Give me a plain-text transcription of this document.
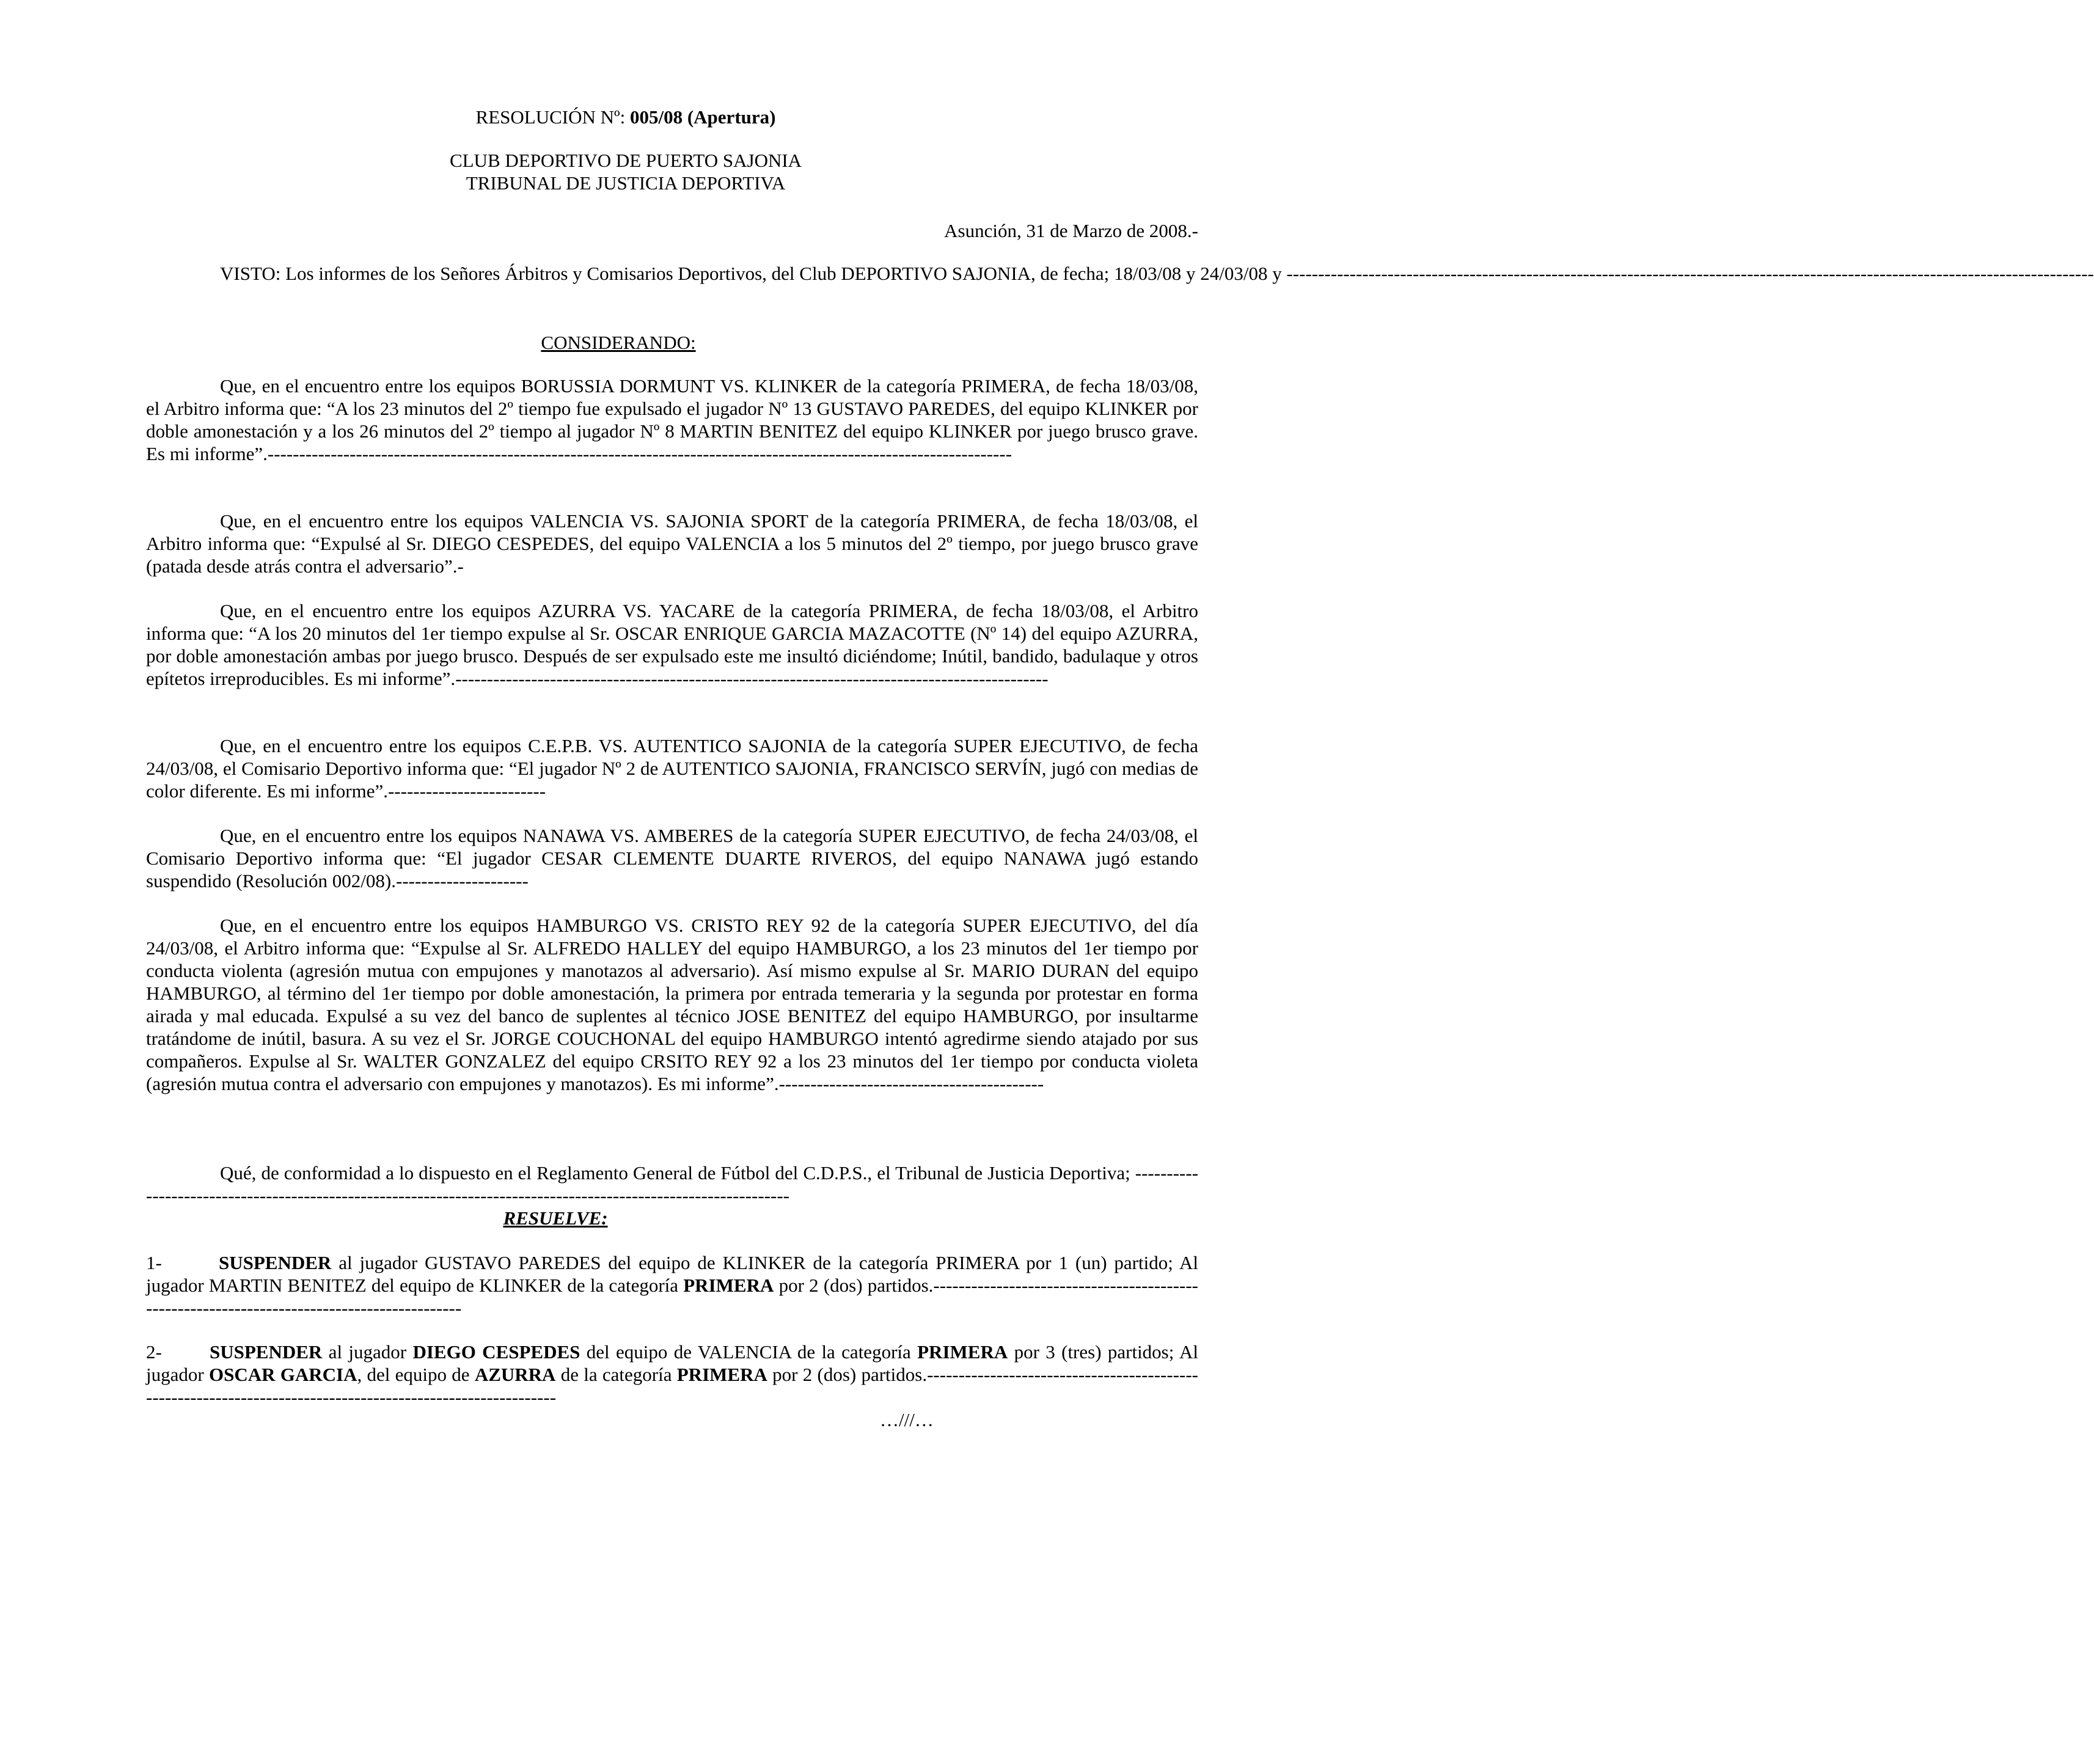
RESOLUCIÓN Nº: 005/08 (Apertura)
CLUB DEPORTIVO DE PUERTO SAJONIA
TRIBUNAL DE JUSTICIA DEPORTIVA
Asunción, 31 de Marzo de 2008.-

VISTO: Los informes de los Señores Árbitros y Comisarios Deportivos, del Club DEPORTIVO SAJONIA, de fecha; 18/03/08 y 24/03/08 y --------------------------------------------------------------------------------------------------------------------------------

CONSIDERANDO:

Que, en el encuentro entre los equipos BORUSSIA DORMUNT VS. KLINKER de la categoría PRIMERA, de fecha 18/03/08, el Arbitro informa que: “A los 23 minutos del 2º tiempo fue expulsado el jugador Nº 13 GUSTAVO PAREDES, del equipo KLINKER por doble amonestación y a los 26 minutos del 2º tiempo al jugador Nº 8 MARTIN BENITEZ del equipo KLINKER por juego brusco grave. Es mi informe”.----------------------------------------------------------------------------------------------------------------------

Que, en el encuentro entre los equipos VALENCIA VS. SAJONIA SPORT de la categoría PRIMERA, de fecha 18/03/08, el Arbitro informa que: “Expulsé al Sr. DIEGO CESPEDES, del equipo VALENCIA a los 5 minutos del 2º tiempo, por juego brusco grave (patada desde atrás contra el adversario”.-

Que, en el encuentro entre los equipos AZURRA VS. YACARE de la categoría PRIMERA, de fecha 18/03/08, el Arbitro informa que: “A los 20 minutos del 1er tiempo expulse al Sr. OSCAR ENRIQUE GARCIA MAZACOTTE (Nº 14) del equipo AZURRA, por doble amonestación ambas por juego brusco. Después de ser expulsado este me insultó diciéndome; Inútil, bandido, badulaque y otros epítetos irreproducibles. Es mi informe”.----------------------------------------------------------------------------------------------

Que, en el encuentro entre los equipos C.E.P.B. VS. AUTENTICO SAJONIA de la categoría SUPER EJECUTIVO, de fecha 24/03/08, el Comisario Deportivo informa que: “El jugador Nº 2 de AUTENTICO SAJONIA, FRANCISCO SERVÍN, jugó con medias de color diferente. Es mi informe”.-------------------------

Que, en el encuentro entre los equipos NANAWA VS. AMBERES de la categoría SUPER EJECUTIVO, de fecha 24/03/08, el Comisario Deportivo informa que: “El jugador CESAR CLEMENTE DUARTE RIVEROS, del equipo NANAWA jugó estando suspendido (Resolución 002/08).---------------------

Que, en el encuentro entre los equipos HAMBURGO VS. CRISTO REY 92 de la categoría SUPER EJECUTIVO, del día 24/03/08, el Arbitro informa que: “Expulse al Sr. ALFREDO HALLEY del equipo HAMBURGO, a los 23 minutos del 1er tiempo por conducta violenta (agresión mutua con empujones y manotazos al adversario). Así mismo expulse al Sr. MARIO DURAN del equipo HAMBURGO, al término del 1er tiempo por doble amonestación, la primera por entrada temeraria y la segunda por protestar en forma airada y mal educada. Expulsé a su vez del banco de suplentes al técnico JOSE BENITEZ del equipo HAMBURGO, por insultarme tratándome de inútil, basura. A su vez el Sr. JORGE COUCHONAL del equipo HAMBURGO intentó agredirme siendo atajado por sus compañeros. Expulse al Sr. WALTER GONZALEZ del equipo CRSITO REY 92 a los 23 minutos del 1er tiempo por conducta violeta (agresión mutua contra el adversario con empujones y manotazos). Es mi informe”.------------------------------------------

Qué, de conformidad a lo dispuesto en el Reglamento General de Fútbol del C.D.P.S., el Tribunal de Justicia Deportiva; ----------------------------------------------------------------------------------------------------------------

RESUELVE:

1-	SUSPENDER al jugador GUSTAVO PAREDES del equipo de KLINKER de la categoría PRIMERA por 1 (un) partido; Al jugador MARTIN BENITEZ del equipo de KLINKER de la categoría PRIMERA por 2 (dos) partidos.--------------------------------------------------------------------------------------------

2-	SUSPENDER al jugador DIEGO CESPEDES del equipo de VALENCIA de la categoría PRIMERA por 3 (tres) partidos; Al jugador OSCAR GARCIA, del equipo de AZURRA de la categoría PRIMERA por 2 (dos) partidos.------------------------------------------------------------------------------------------------------------

…///…
